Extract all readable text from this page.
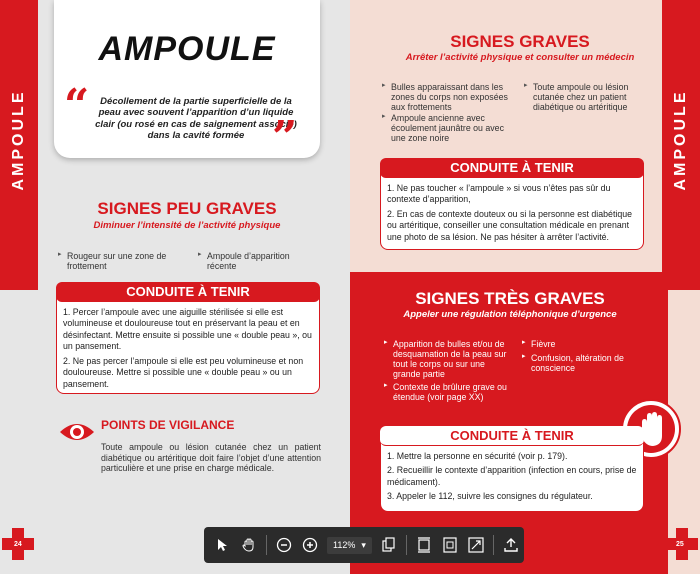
AMPOULE
AMPOULE
“	Décollement de la partie superficielle de la peau avec souvent l’apparition d’un liquide clair (ou rosé en cas de saignement associé) dans la cavité formée ”
SIGNES PEU GRAVES
Diminuer l’intensité de l’activité physique
▸ Rougeur sur une zone de frottement
▸ Ampoule d’apparition récente
CONDUITE À TENIR

1. Percer l’ampoule avec une aiguille stérilisée si elle est volumineuse et douloureuse tout en préservant la peau et en désinfectant. Mettre ensuite si possible une « double peau », ou un pansement.

2. Ne pas percer l’ampoule si elle est peu volumineuse et non douloureuse. Mettre si possible une « double peau » ou un pansement.

POINTS DE VIGILANCE
Toute ampoule ou lésion cutanée chez un patient diabétique ou artéritique doit faire l’objet d’une attention particulière et une prise en charge médicale.
24
AMPOULE
SIGNES GRAVES
Arrêter l’activité physique et consulter un médecin
▸ Bulles apparaissant dans les zones du corps non exposées aux frottements
▸ Ampoule ancienne avec écoulement jaunâtre ou avec une zone noire
▸ Toute ampoule ou lésion cutanée chez un patient diabétique ou artéritique
CONDUITE À TENIR

1. Ne pas toucher « l’ampoule » si vous n’êtes pas sûr du contexte d’apparition,

2. En cas de contexte douteux ou si la personne est diabétique ou artéritique, conseiller une consultation médicale en prenant une photo de sa lésion. Ne pas hésiter à arrêter l’activité.

SIGNES TRÈS GRAVES
Appeler une régulation téléphonique d’urgence
▸ Apparition de bulles et/ou de desquamation de la peau sur tout le corps ou sur une grande partie
▸ Contexte de brûlure grave ou étendue (voir page XX)
▸ Fièvre
▸ Confusion, altération de conscience
CONDUITE À TENIR

1. Mettre la personne en sécurité (voir p. 179).

2. Recueillir le contexte d’apparition (infection en cours, prise de médicament).

3. Appeler le 112, suivre les consignes du régulateur.

25
112% ▾
